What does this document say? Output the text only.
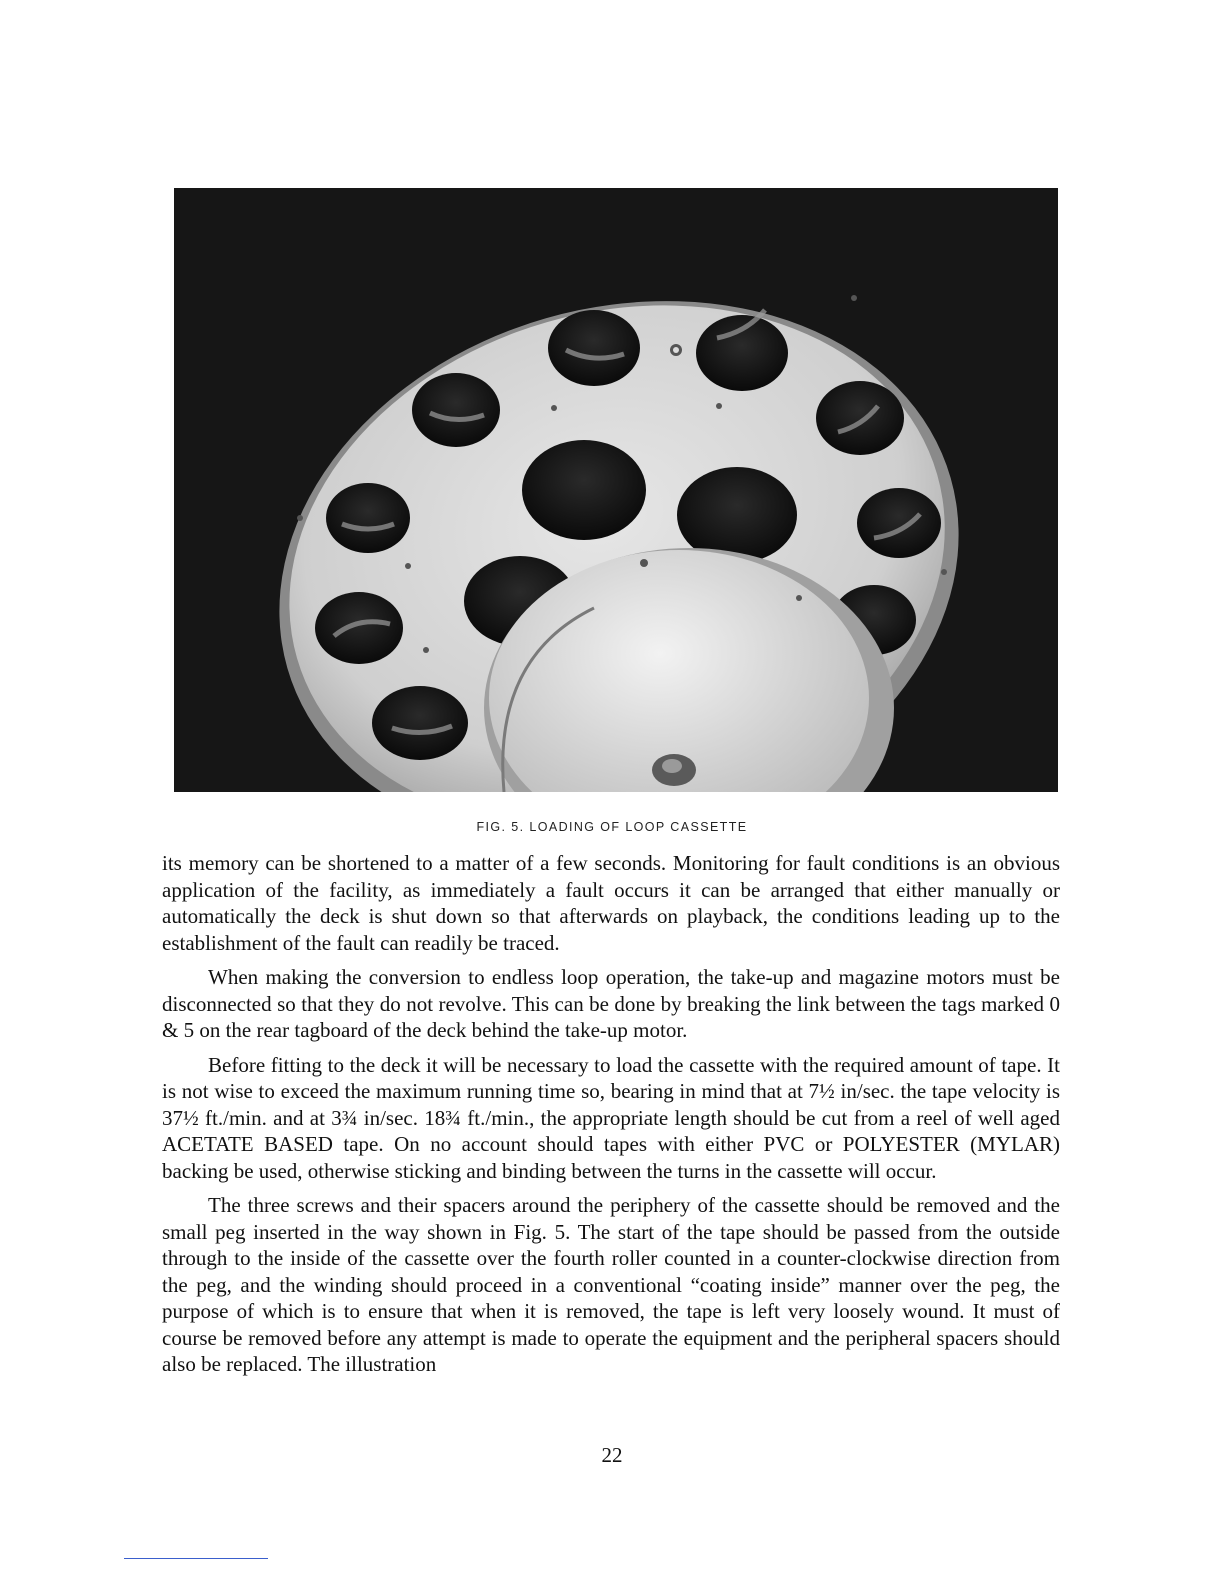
FIG. 5. LOADING OF LOOP CASSETTE

its memory can be shortened to a matter of a few seconds. Monitoring for fault conditions is an obvious application of the facility, as immediately a fault occurs it can be arranged that either manually or automatically the deck is shut down so that afterwards on playback, the conditions leading up to the establishment of the fault can readily be traced.

When making the conversion to endless loop operation, the take-up and magazine motors must be disconnected so that they do not revolve. This can be done by breaking the link between the tags marked 0 & 5 on the rear tagboard of the deck behind the take-up motor.

Before fitting to the deck it will be necessary to load the cassette with the required amount of tape. It is not wise to exceed the maximum running time so, bearing in mind that at 7½ in/sec. the tape velocity is 37½ ft./min. and at 3¾ in/sec. 18¾ ft./min., the appropriate length should be cut from a reel of well aged ACETATE BASED tape. On no account should tapes with either PVC or POLYESTER (MYLAR) backing be used, otherwise sticking and binding between the turns in the cassette will occur.

The three screws and their spacers around the periphery of the cassette should be removed and the small peg inserted in the way shown in Fig. 5. The start of the tape should be passed from the outside through to the inside of the cassette over the fourth roller counted in a counter-clockwise direction from the peg, and the winding should proceed in a conventional “coating inside” manner over the peg, the purpose of which is to ensure that when it is removed, the tape is left very loosely wound. It must of course be removed before any attempt is made to operate the equipment and the peripheral spacers should also be replaced. The illustration

22
